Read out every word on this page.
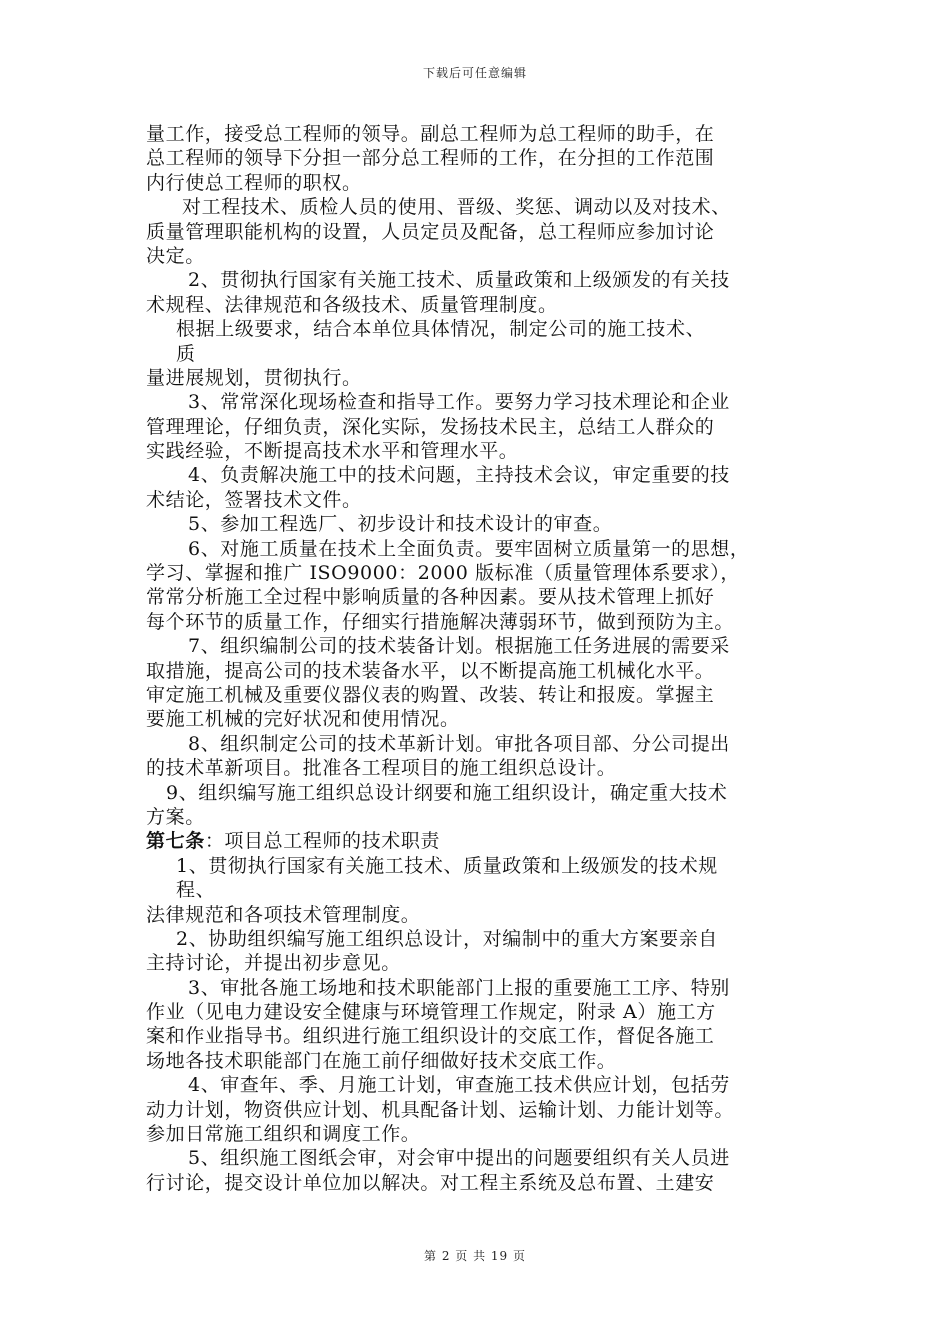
下载后可任意编辑
量工作，接受总工程师的领导。副总工程师为总工程师的助手，在
总工程师的领导下分担一部分总工程师的工作，在分担的工作范围
内行使总工程师的职权。
对工程技术、质检人员的使用、晋级、奖惩、调动以及对技术、
质量管理职能机构的设置，人员定员及配备，总工程师应参加讨论
决定。
2、贯彻执行国家有关施工技术、质量政策和上级颁发的有关技
术规程、法律规范和各级技术、质量管理制度。
根据上级要求，结合本单位具体情况，制定公司的施工技术、
质
量进展规划，贯彻执行。
3、常常深化现场检查和指导工作。要努力学习技术理论和企业
管理理论，仔细负责，深化实际，发扬技术民主，总结工人群众的
实践经验，不断提高技术水平和管理水平。
4、负责解决施工中的技术问题，主持技术会议，审定重要的技
术结论，签署技术文件。
5、参加工程选厂、初步设计和技术设计的审查。
6、对施工质量在技术上全面负责。要牢固树立质量第一的思想，
学习、掌握和推广 ISO9000：2000 版标准（质量管理体系要求），
常常分析施工全过程中影响质量的各种因素。要从技术管理上抓好
每个环节的质量工作，仔细实行措施解决薄弱环节，做到预防为主。
7、组织编制公司的技术装备计划。根据施工任务进展的需要采
取措施，提高公司的技术装备水平，以不断提高施工机械化水平。
审定施工机械及重要仪器仪表的购置、改装、转让和报废。掌握主
要施工机械的完好状况和使用情况。
8、组织制定公司的技术革新计划。审批各项目部、分公司提出
的技术革新项目。批准各工程项目的施工组织总设计。
9、组织编写施工组织总设计纲要和施工组织设计，确定重大技术
方案。
第七条：项目总工程师的技术职责
1、贯彻执行国家有关施工技术、质量政策和上级颁发的技术规
程、
法律规范和各项技术管理制度。
2、协助组织编写施工组织总设计，对编制中的重大方案要亲自
主持讨论，并提出初步意见。
3、审批各施工场地和技术职能部门上报的重要施工工序、特别
作业（见电力建设安全健康与环境管理工作规定，附录 A）施工方
案和作业指导书。组织进行施工组织设计的交底工作，督促各施工
场地各技术职能部门在施工前仔细做好技术交底工作。
4、审查年、季、月施工计划，审查施工技术供应计划，包括劳
动力计划，物资供应计划、机具配备计划、运输计划、力能计划等。
参加日常施工组织和调度工作。
5、组织施工图纸会审，对会审中提出的问题要组织有关人员进
行讨论，提交设计单位加以解决。对工程主系统及总布置、土建安
第 2 页 共 19 页
